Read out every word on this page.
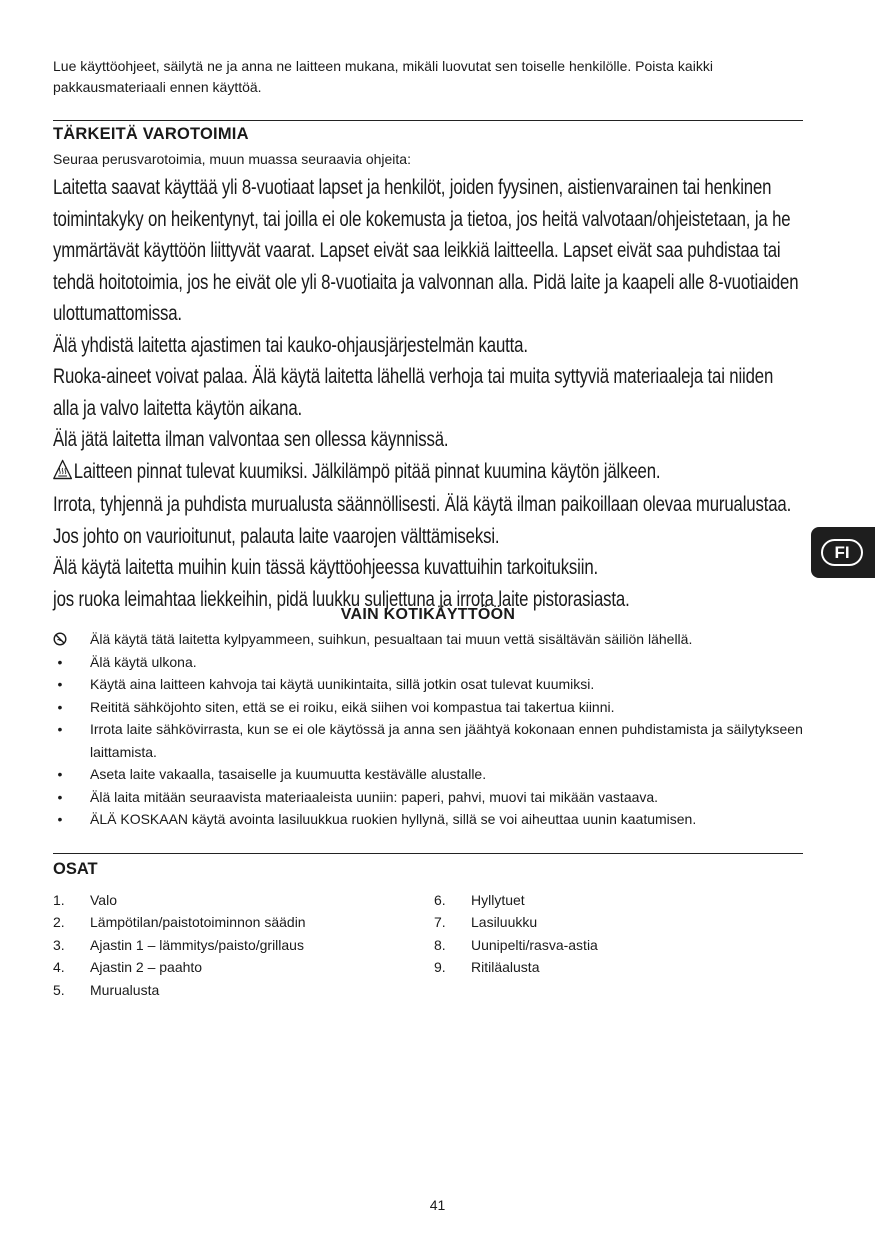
Lue käyttöohjeet, säilytä ne ja anna ne laitteen mukana, mikäli luovutat sen toiselle henkilölle. Poista kaikki pakkausmateriaali ennen käyttöä.

TÄRKEITÄ VAROTOIMIA

Seuraa perusvarotoimia, muun muassa seuraavia ohjeita:

Laitetta saavat käyttää yli 8-vuotiaat lapset ja henkilöt, joiden fyysinen, aistienvarainen tai henkinen toimintakyky on heikentynyt, tai joilla ei ole kokemusta ja tietoa, jos heitä valvotaan/ohjeistetaan, ja he ymmärtävät käyttöön liittyvät vaarat. Lapset eivät saa leikkiä laitteella. Lapset eivät saa puhdistaa tai tehdä hoitotoimia, jos he eivät ole yli 8-vuotiaita ja valvonnan alla. Pidä laite ja kaapeli alle 8-vuotiaiden ulottumattomissa.

Älä yhdistä laitetta ajastimen tai kauko-ohjausjärjestelmän kautta.

Ruoka-aineet voivat palaa. Älä käytä laitetta lähellä verhoja tai muita syttyviä materiaaleja tai niiden alla ja valvo laitetta käytön aikana.

Älä jätä laitetta ilman valvontaa sen ollessa käynnissä.

Laitteen pinnat tulevat kuumiksi. Jälkilämpö pitää pinnat kuumina käytön jälkeen.

Irrota, tyhjennä ja puhdista murualusta säännöllisesti. Älä käytä ilman paikoillaan olevaa murualustaa.

Jos johto on vaurioitunut, palauta laite vaarojen välttämiseksi.

Älä käytä laitetta muihin kuin tässä käyttöohjeessa kuvattuihin tarkoituksiin.

jos ruoka leimahtaa liekkeihin, pidä luukku suljettuna ja irrota laite pistorasiasta.

VAIN KOTIKÄYTTÖÖN
Älä käytä tätä laitetta kylpyammeen, suihkun, pesualtaan tai muun vettä sisältävän säiliön lähellä.
•	Älä käytä ulkona.
•	Käytä aina laitteen kahvoja tai käytä uunikintaita, sillä jotkin osat tulevat kuumiksi.
•	Reititä sähköjohto siten, että se ei roiku, eikä siihen voi kompastua tai takertua kiinni.
•	Irrota laite sähkövirrasta, kun se ei ole käytössä ja anna sen jäähtyä kokonaan ennen puhdistamista ja säilytykseen laittamista.
•	Aseta laite vakaalla, tasaiselle ja kuumuutta kestävälle alustalle.
•	Älä laita mitään seuraavista materiaaleista uuniin: paperi, pahvi, muovi tai mikään vastaava.
•	ÄLÄ KOSKAAN käytä avointa lasiluukkua ruokien hyllynä, sillä se voi aiheuttaa uunin kaatumisen.
OSAT
1. Valo
2. Lämpötilan/paistotoiminnon säädin
3. Ajastin 1 – lämmitys/paisto/grillaus
4. Ajastin 2 – paahto
5. Murualusta
6. Hyllytuet
7. Lasiluukku
8. Uunipelti/rasva-astia
9. Ritiläalusta
FI
41
